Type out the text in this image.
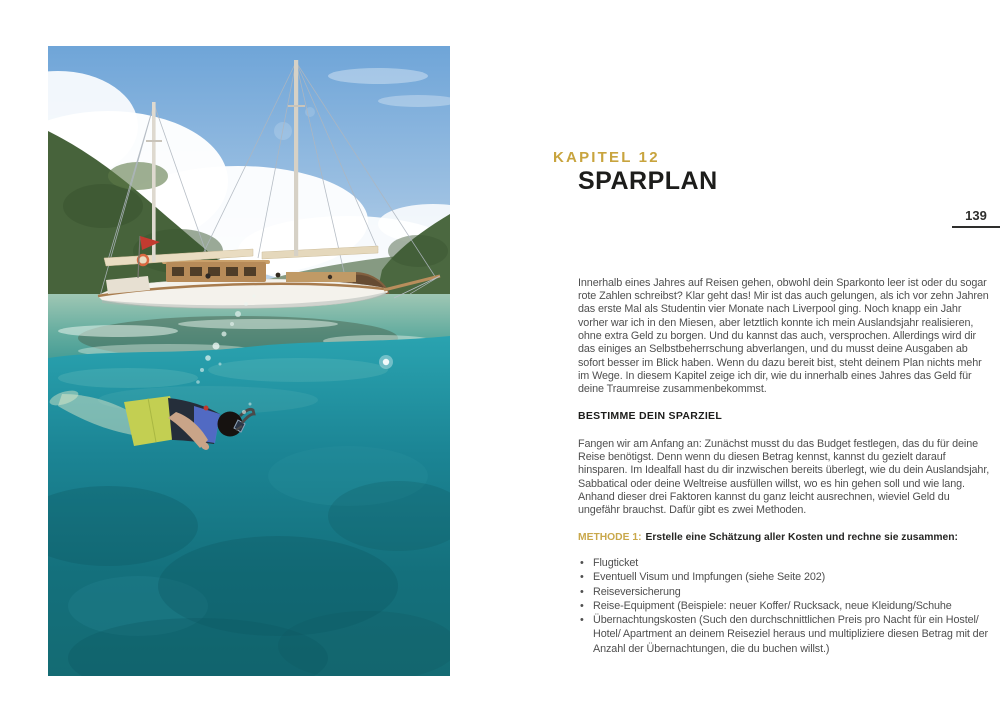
KAPITEL 12
SPARPLAN
139

Innerhalb eines Jahres auf Reisen gehen, obwohl dein Sparkonto leer ist oder du sogar rote Zahlen schreibst? Klar geht das! Mir ist das auch gelungen, als ich vor zehn Jahren das erste Mal als Studentin vier Monate nach Liverpool ging. Noch knapp ein Jahr vorher war ich in den Miesen, aber letztlich konnte ich mein Auslandsjahr realisieren, ohne extra Geld zu borgen. Und du kannst das auch, versprochen. Allerdings wird dir das einiges an Selbstbeherrschung abverlangen, und du musst deine Ausgaben ab sofort besser im Blick haben. Wenn du dazu bereit bist, steht deinem Plan nichts mehr im Wege. In diesem Kapitel zeige ich dir, wie du innerhalb eines Jahres das Geld für deine Traumreise zusammenbekommst.

BESTIMME DEIN SPARZIEL

Fangen wir am Anfang an: Zunächst musst du das Budget festlegen, das du für deine Reise benötigst. Denn wenn du diesen Betrag kennst, kannst du gezielt darauf hinsparen. Im Idealfall hast du dir inzwischen bereits überlegt, wie du dein Auslandsjahr, Sabbatical oder deine Weltreise ausfüllen willst, wo es hin gehen soll und wie lang. Anhand dieser drei Faktoren kannst du ganz leicht ausrechnen, wieviel Geld du ungefähr brauchst. Dafür gibt es zwei Methoden.

METHODE 1: Erstelle eine Schätzung aller Kosten und rechne sie zusammen:

• Flugticket
• Eventuell Visum und Impfungen (siehe Seite 202)
• Reiseversicherung
• Reise-Equipment (Beispiele: neuer Koffer/ Rucksack, neue Kleidung/Schuhe
• Übernachtungskosten (Such den durchschnittlichen Preis pro Nacht für ein Hostel/ Hotel/ Apartment an deinem Reiseziel heraus und multipliziere diesen Betrag mit der Anzahl der Übernachtungen, die du buchen willst.)
